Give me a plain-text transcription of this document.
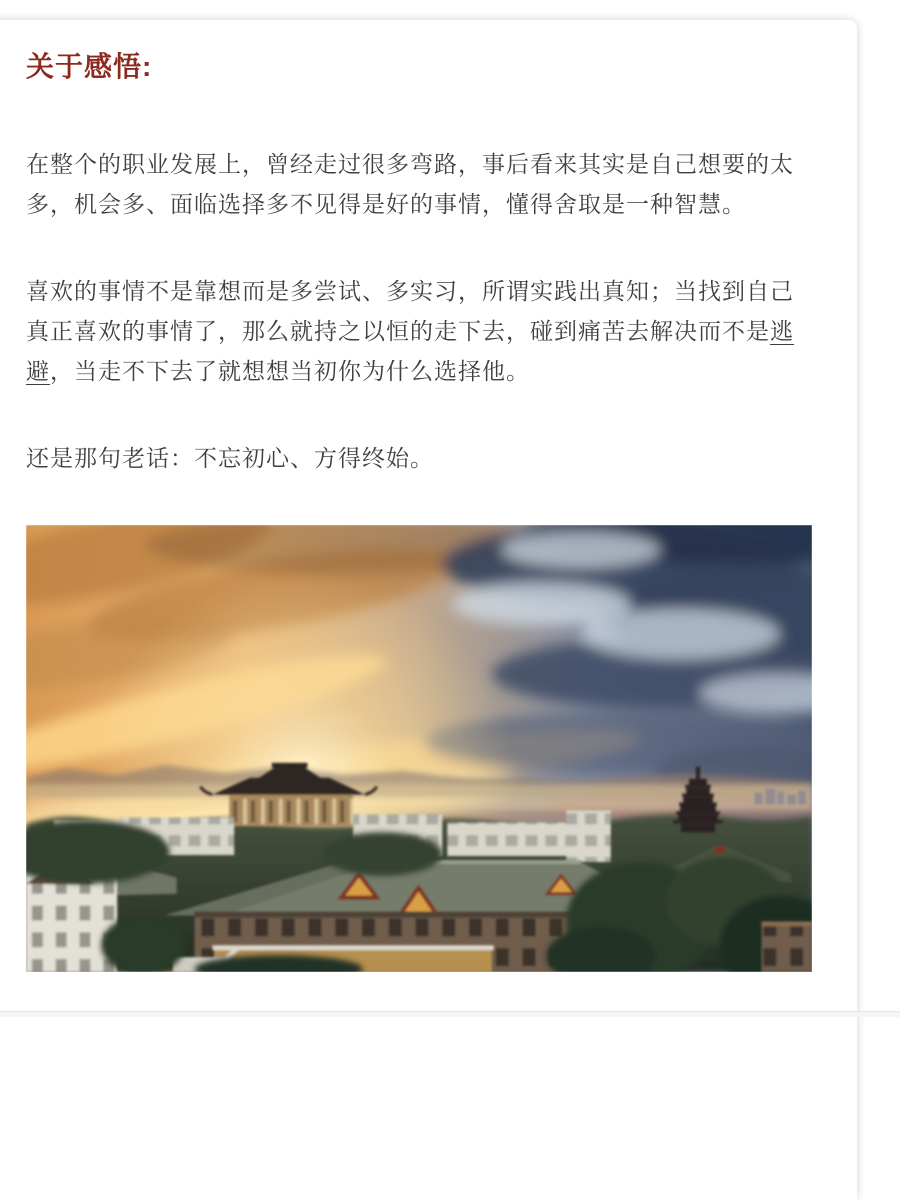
关于感悟:

在整个的职业发展上，曾经走过很多弯路，事后看来其实是自己想要的太多，机会多、面临选择多不见得是好的事情，懂得舍取是一种智慧。

喜欢的事情不是靠想而是多尝试、多实习，所谓实践出真知；当找到自己真正喜欢的事情了，那么就持之以恒的走下去，碰到痛苦去解决而不是逃避，当走不下去了就想想当初你为什么选择他。

还是那句老话：不忘初心、方得终始。
